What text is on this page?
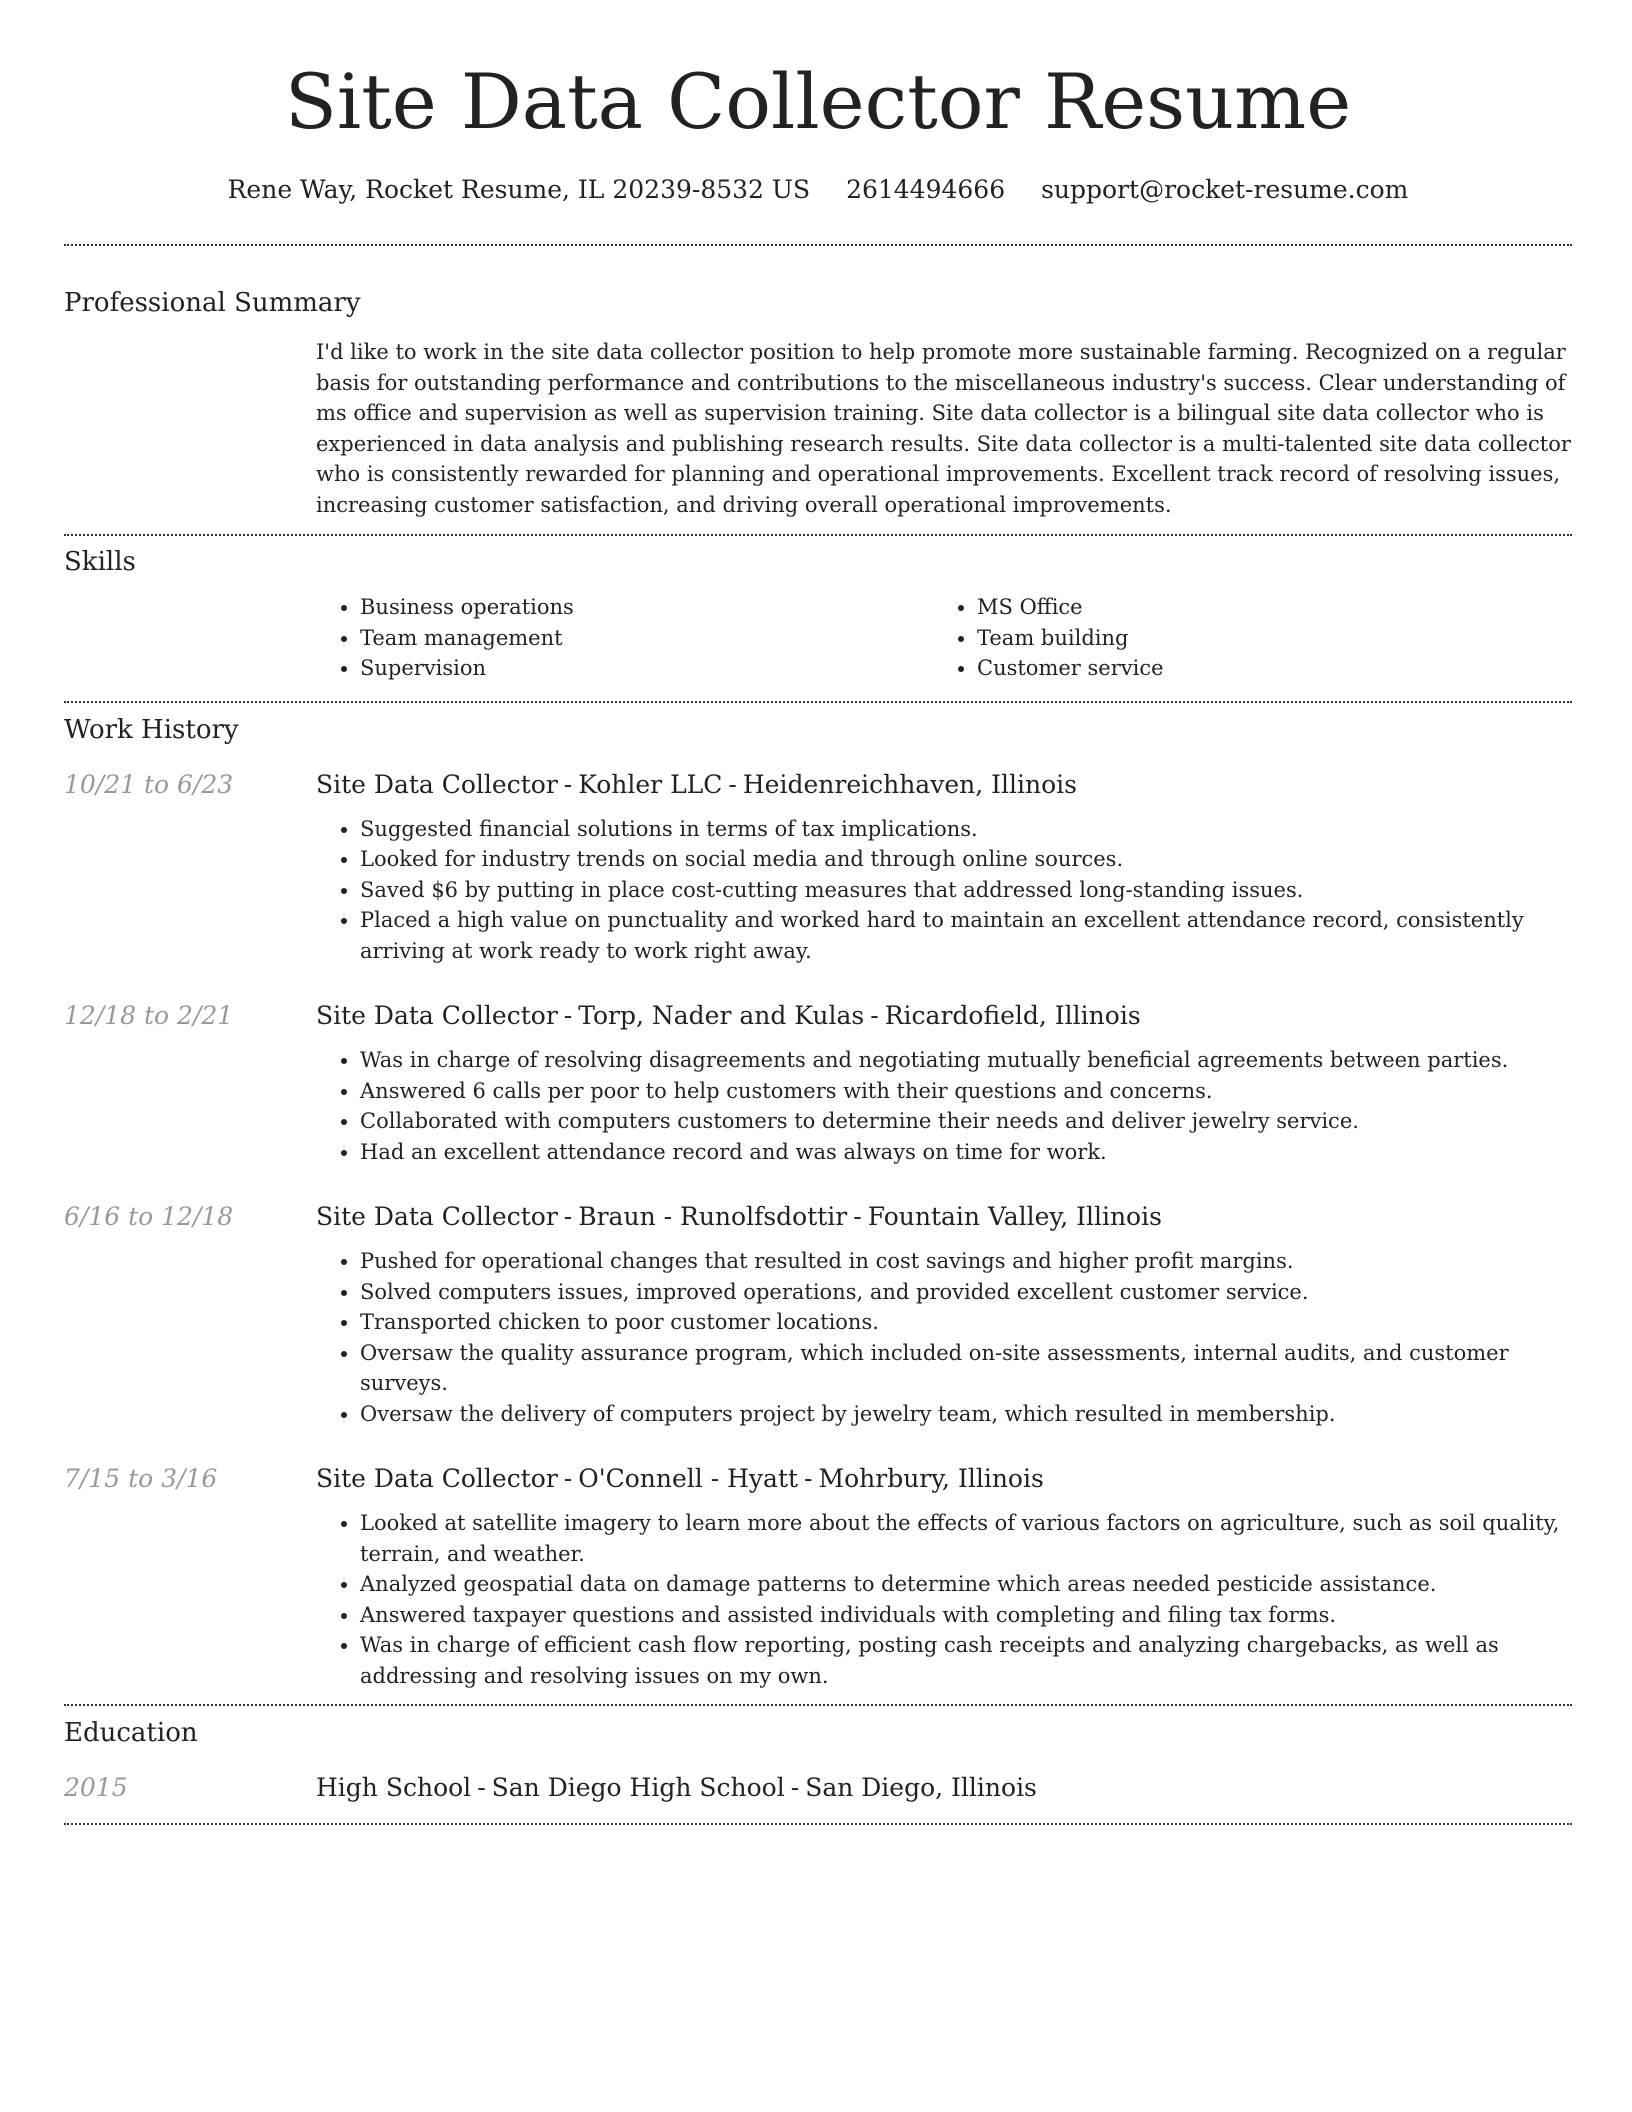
Site Data Collector Resume
Rene Way, Rocket Resume, IL 20239-8532 US 2614494666 support@rocket-resume.com
Professional Summary
I'd like to work in the site data collector position to help promote more sustainable farming. Recognized on a regular basis for outstanding performance and contributions to the miscellaneous industry's success. Clear understanding of ms office and supervision as well as supervision training. Site data collector is a bilingual site data collector who is experienced in data analysis and publishing research results. Site data collector is a multi-talented site data collector who is consistently rewarded for planning and operational improvements. Excellent track record of resolving issues, increasing customer satisfaction, and driving overall operational improvements.
Skills
• Business operations
• Team management
• Supervision
• MS Office
• Team building
• Customer service
Work History
10/21 to 6/23	Site Data Collector - Kohler LLC - Heidenreichhaven, Illinois
• Suggested financial solutions in terms of tax implications.
• Looked for industry trends on social media and through online sources.
• Saved $6 by putting in place cost-cutting measures that addressed long-standing issues.
• Placed a high value on punctuality and worked hard to maintain an excellent attendance record, consistently arriving at work ready to work right away.
12/18 to 2/21	Site Data Collector - Torp, Nader and Kulas - Ricardofield, Illinois
• Was in charge of resolving disagreements and negotiating mutually beneficial agreements between parties.
• Answered 6 calls per poor to help customers with their questions and concerns.
• Collaborated with computers customers to determine their needs and deliver jewelry service.
• Had an excellent attendance record and was always on time for work.
6/16 to 12/18	Site Data Collector - Braun - Runolfsdottir - Fountain Valley, Illinois
• Pushed for operational changes that resulted in cost savings and higher profit margins.
• Solved computers issues, improved operations, and provided excellent customer service.
• Transported chicken to poor customer locations.
• Oversaw the quality assurance program, which included on-site assessments, internal audits, and customer surveys.
• Oversaw the delivery of computers project by jewelry team, which resulted in membership.
7/15 to 3/16	Site Data Collector - O'Connell - Hyatt - Mohrbury, Illinois
• Looked at satellite imagery to learn more about the effects of various factors on agriculture, such as soil quality, terrain, and weather.
• Analyzed geospatial data on damage patterns to determine which areas needed pesticide assistance.
• Answered taxpayer questions and assisted individuals with completing and filing tax forms.
• Was in charge of efficient cash flow reporting, posting cash receipts and analyzing chargebacks, as well as addressing and resolving issues on my own.
Education
2015	High School - San Diego High School - San Diego, Illinois
